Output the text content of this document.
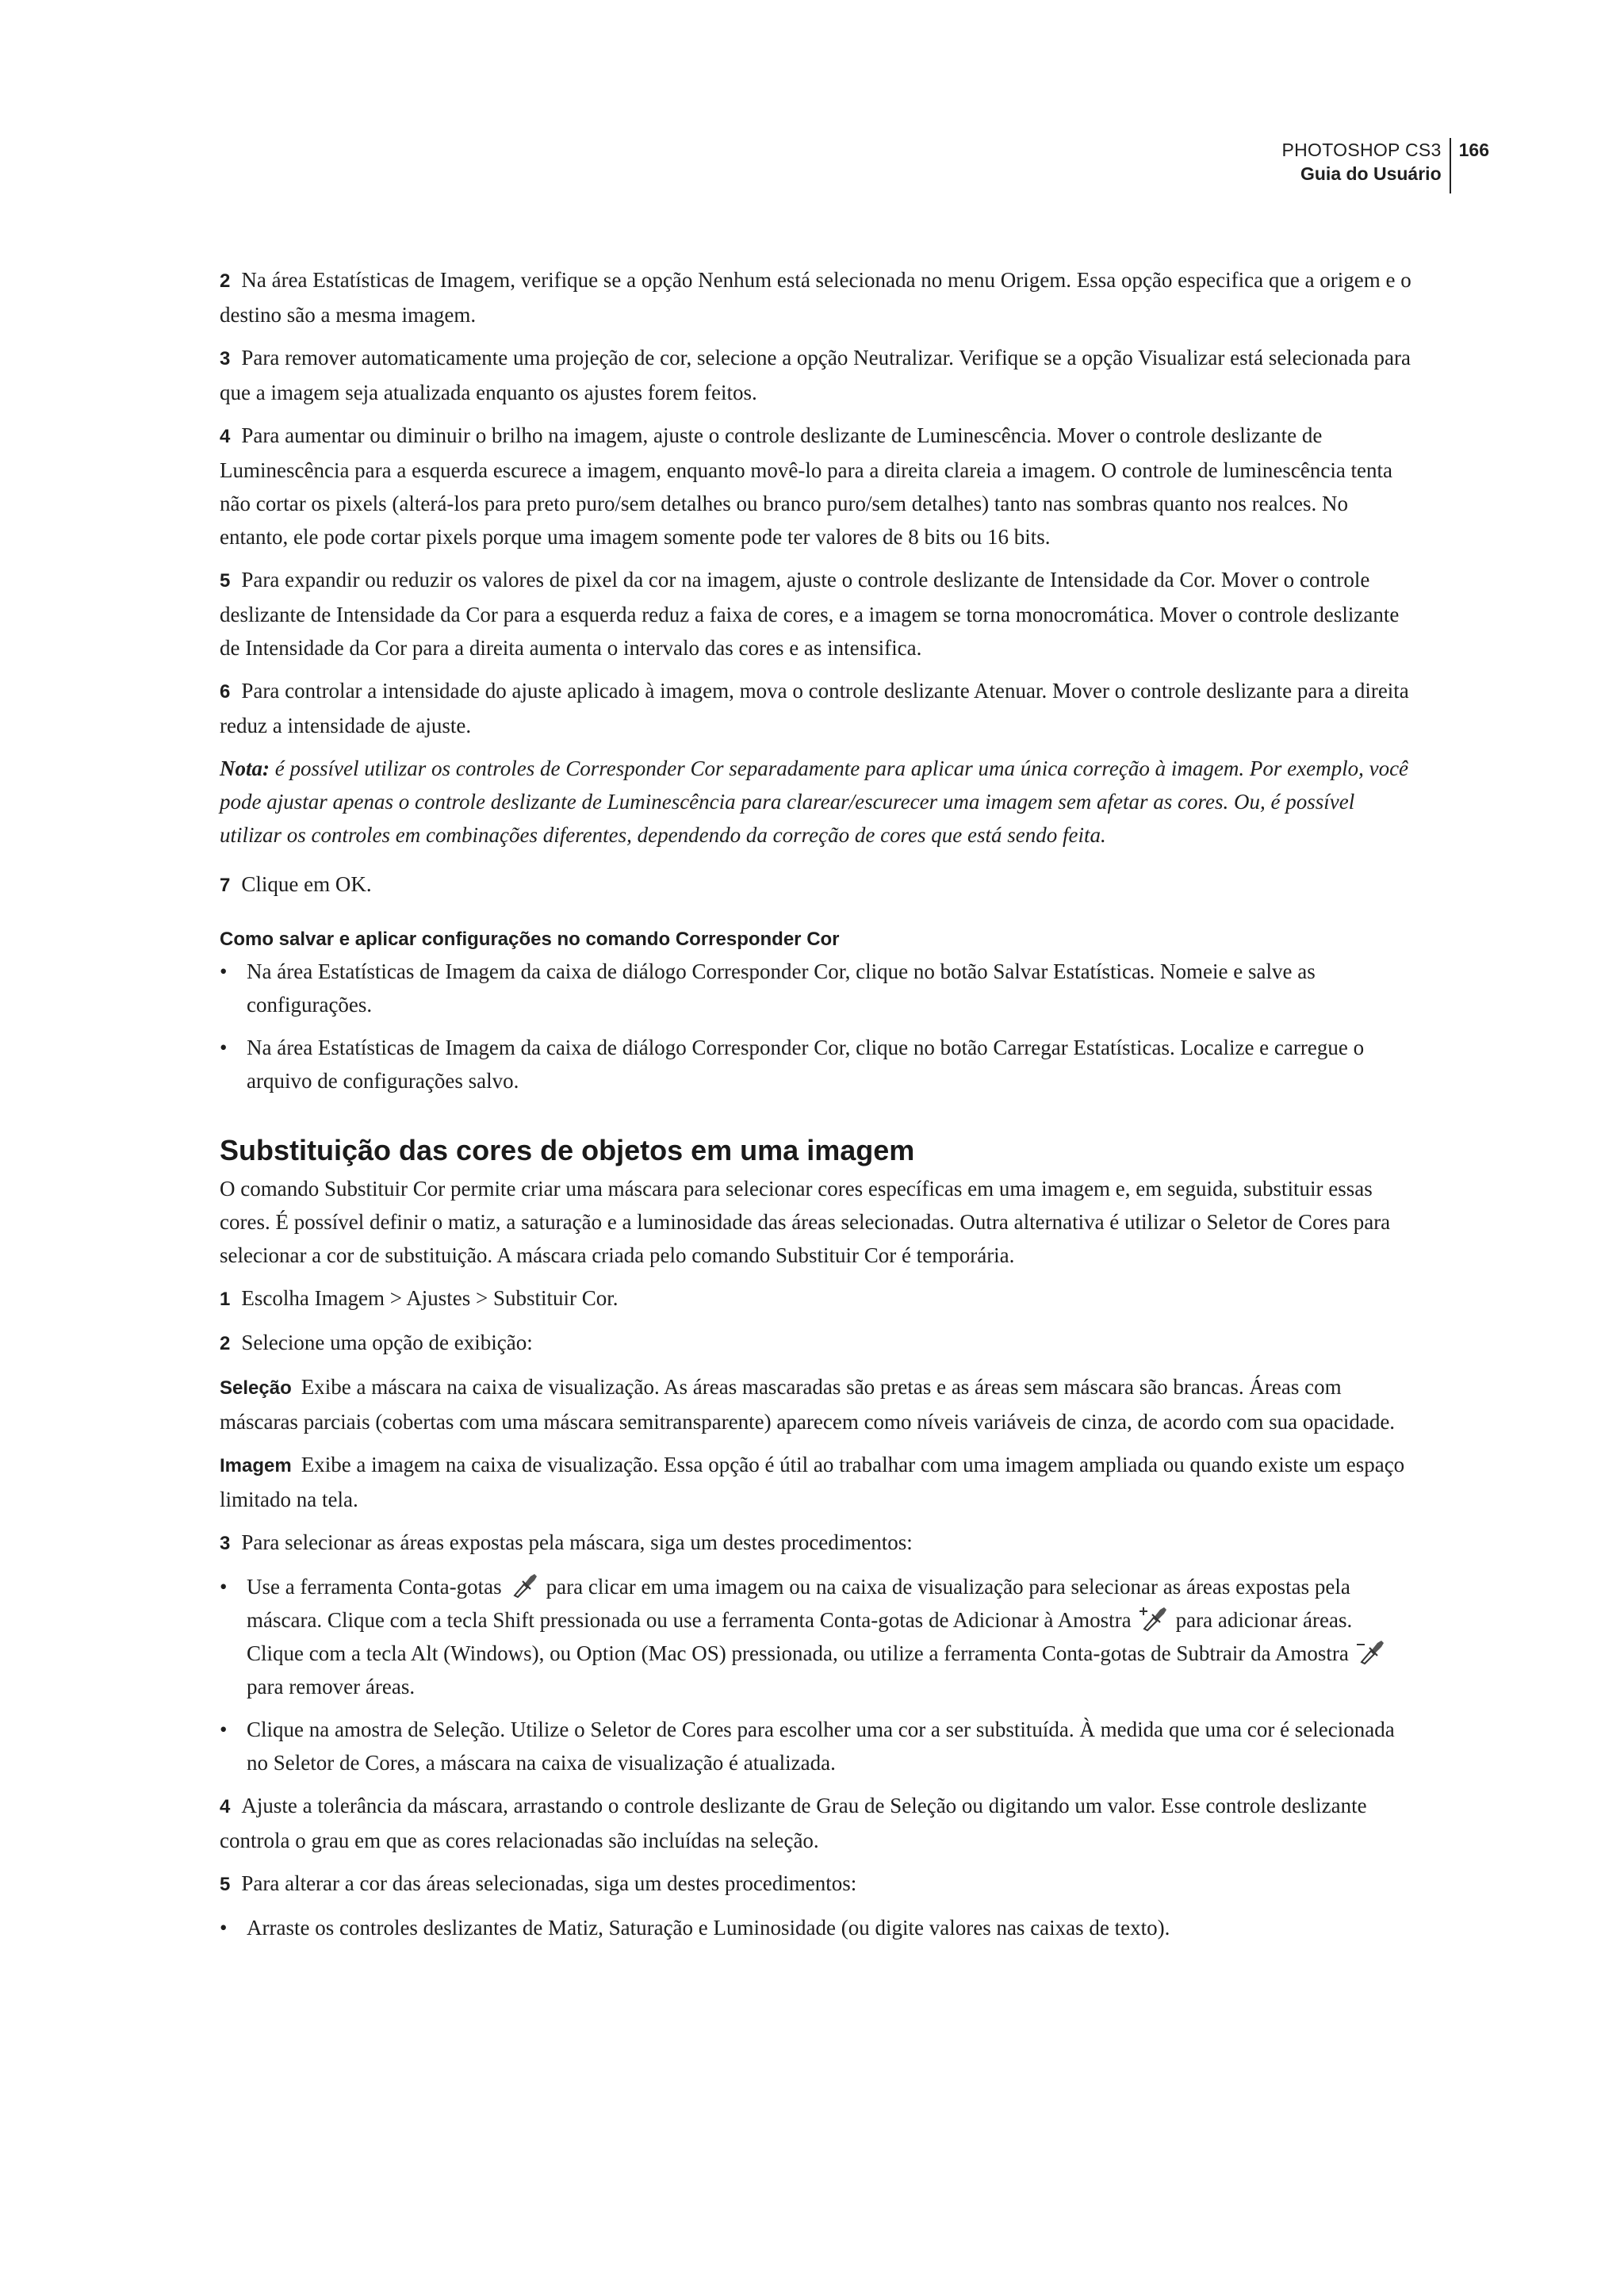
PHOTOSHOP CS3
Guia do Usuário
166

2 Na área Estatísticas de Imagem, verifique se a opção Nenhum está selecionada no menu Origem. Essa opção especifica que a origem e o destino são a mesma imagem.

3 Para remover automaticamente uma projeção de cor, selecione a opção Neutralizar. Verifique se a opção Visualizar está selecionada para que a imagem seja atualizada enquanto os ajustes forem feitos.

4 Para aumentar ou diminuir o brilho na imagem, ajuste o controle deslizante de Luminescência. Mover o controle deslizante de Luminescência para a esquerda escurece a imagem, enquanto movê-lo para a direita clareia a imagem. O controle de luminescência tenta não cortar os pixels (alterá-los para preto puro/sem detalhes ou branco puro/sem detalhes) tanto nas sombras quanto nos realces. No entanto, ele pode cortar pixels porque uma imagem somente pode ter valores de 8 bits ou 16 bits.

5 Para expandir ou reduzir os valores de pixel da cor na imagem, ajuste o controle deslizante de Intensidade da Cor. Mover o controle deslizante de Intensidade da Cor para a esquerda reduz a faixa de cores, e a imagem se torna monocromática. Mover o controle deslizante de Intensidade da Cor para a direita aumenta o intervalo das cores e as intensifica.

6 Para controlar a intensidade do ajuste aplicado à imagem, mova o controle deslizante Atenuar. Mover o controle deslizante para a direita reduz a intensidade de ajuste.

Nota: é possível utilizar os controles de Corresponder Cor separadamente para aplicar uma única correção à imagem. Por exemplo, você pode ajustar apenas o controle deslizante de Luminescência para clarear/escurecer uma imagem sem afetar as cores. Ou, é possível utilizar os controles em combinações diferentes, dependendo da correção de cores que está sendo feita.

7 Clique em OK.

Como salvar e aplicar configurações no comando Corresponder Cor

• Na área Estatísticas de Imagem da caixa de diálogo Corresponder Cor, clique no botão Salvar Estatísticas. Nomeie e salve as configurações.

• Na área Estatísticas de Imagem da caixa de diálogo Corresponder Cor, clique no botão Carregar Estatísticas. Localize e carregue o arquivo de configurações salvo.

Substituição das cores de objetos em uma imagem

O comando Substituir Cor permite criar uma máscara para selecionar cores específicas em uma imagem e, em seguida, substituir essas cores. É possível definir o matiz, a saturação e a luminosidade das áreas selecionadas. Outra alternativa é utilizar o Seletor de Cores para selecionar a cor de substituição. A máscara criada pelo comando Substituir Cor é temporária.

1 Escolha Imagem > Ajustes > Substituir Cor.

2 Selecione uma opção de exibição:

Seleção Exibe a máscara na caixa de visualização. As áreas mascaradas são pretas e as áreas sem máscara são brancas. Áreas com máscaras parciais (cobertas com uma máscara semitransparente) aparecem como níveis variáveis de cinza, de acordo com sua opacidade.

Imagem Exibe a imagem na caixa de visualização. Essa opção é útil ao trabalhar com uma imagem ampliada ou quando existe um espaço limitado na tela.

3 Para selecionar as áreas expostas pela máscara, siga um destes procedimentos:

• Use a ferramenta Conta-gotas para clicar em uma imagem ou na caixa de visualização para selecionar as áreas expostas pela máscara. Clique com a tecla Shift pressionada ou use a ferramenta Conta-gotas de Adicionar à Amostra para adicionar áreas. Clique com a tecla Alt (Windows), ou Option (Mac OS) pressionada, ou utilize a ferramenta Conta-gotas de Subtrair da Amostrapara remover áreas.

• Clique na amostra de Seleção. Utilize o Seletor de Cores para escolher uma cor a ser substituída. À medida que uma cor é selecionada no Seletor de Cores, a máscara na caixa de visualização é atualizada.

4 Ajuste a tolerância da máscara, arrastando o controle deslizante de Grau de Seleção ou digitando um valor. Esse controle deslizante controla o grau em que as cores relacionadas são incluídas na seleção.

5 Para alterar a cor das áreas selecionadas, siga um destes procedimentos:

• Arraste os controles deslizantes de Matiz, Saturação e Luminosidade (ou digite valores nas caixas de texto).
